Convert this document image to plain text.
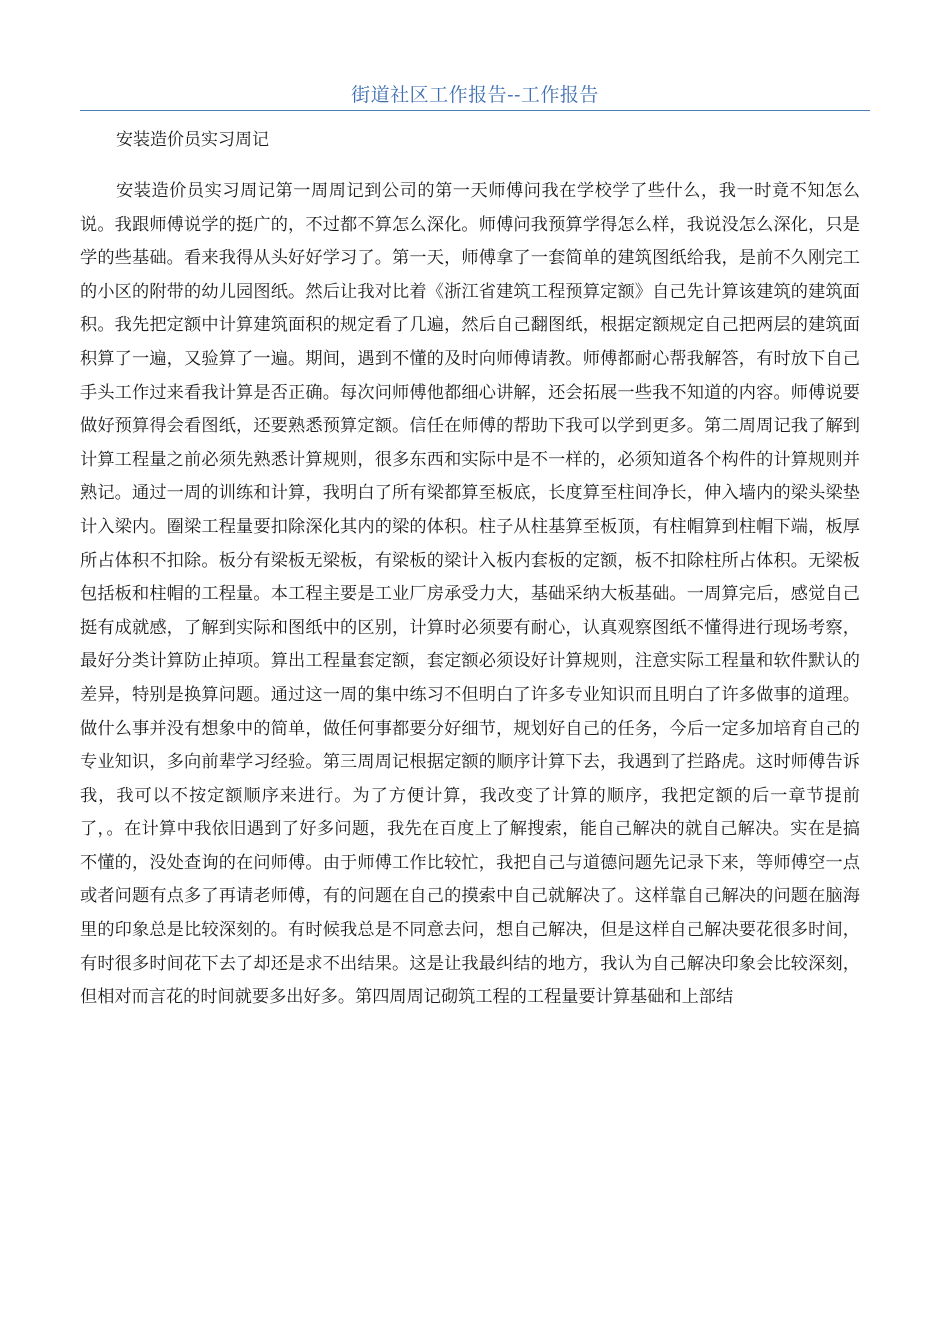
街道社区工作报告--工作报告
安装造价员实习周记

安装造价员实习周记第一周周记到公司的第一天师傅问我在学校学了些什么，我一时竟不知怎么说。我跟师傅说学的挺广的，不过都不算怎么深化。师傅问我预算学得怎么样，我说没怎么深化，只是学的些基础。看来我得从头好好学习了。第一天，师傅拿了一套简单的建筑图纸给我，是前不久刚完工的小区的附带的幼儿园图纸。然后让我对比着《浙江省建筑工程预算定额》自己先计算该建筑的建筑面积。我先把定额中计算建筑面积的规定看了几遍，然后自己翻图纸，根据定额规定自己把两层的建筑面积算了一遍，又验算了一遍。期间，遇到不懂的及时向师傅请教。师傅都耐心帮我解答，有时放下自己手头工作过来看我计算是否正确。每次问师傅他都细心讲解，还会拓展一些我不知道的内容。师傅说要做好预算得会看图纸，还要熟悉预算定额。信任在师傅的帮助下我可以学到更多。第二周周记我了解到计算工程量之前必须先熟悉计算规则，很多东西和实际中是不一样的，必须知道各个构件的计算规则并熟记。通过一周的训练和计算，我明白了所有梁都算至板底，长度算至柱间净长，伸入墙内的梁头梁垫计入梁内。圈梁工程量要扣除深化其内的梁的体积。柱子从柱基算至板顶，有柱帽算到柱帽下端，板厚所占体积不扣除。板分有梁板无梁板，有梁板的梁计入板内套板的定额，板不扣除柱所占体积。无梁板包括板和柱帽的工程量。本工程主要是工业厂房承受力大，基础采纳大板基础。一周算完后，感觉自己挺有成就感，了解到实际和图纸中的区别，计算时必须要有耐心，认真观察图纸不懂得进行现场考察，最好分类计算防止掉项。算出工程量套定额，套定额必须设好计算规则，注意实际工程量和软件默认的差异，特别是换算问题。通过这一周的集中练习不但明白了许多专业知识而且明白了许多做事的道理。做什么事并没有想象中的简单，做任何事都要分好细节，规划好自己的任务，今后一定多加培育自己的专业知识，多向前辈学习经验。第三周周记根据定额的顺序计算下去，我遇到了拦路虎。这时师傅告诉我，我可以不按定额顺序来进行。为了方便计算，我改变了计算的顺序，我把定额的后一章节提前了，。在计算中我依旧遇到了好多问题，我先在百度上了解搜索，能自己解决的就自己解决。实在是搞不懂的，没处查询的在问师傅。由于师傅工作比较忙，我把自己与道德问题先记录下来，等师傅空一点或者问题有点多了再请老师傅，有的问题在自己的摸索中自己就解决了。这样靠自己解决的问题在脑海里的印象总是比较深刻的。有时候我总是不同意去问，想自己解决，但是这样自己解决要花很多时间，有时很多时间花下去了却还是求不出结果。这是让我最纠结的地方，我认为自己解决印象会比较深刻，但相对而言花的时间就要多出好多。第四周周记砌筑工程的工程量要计算基础和上部结
